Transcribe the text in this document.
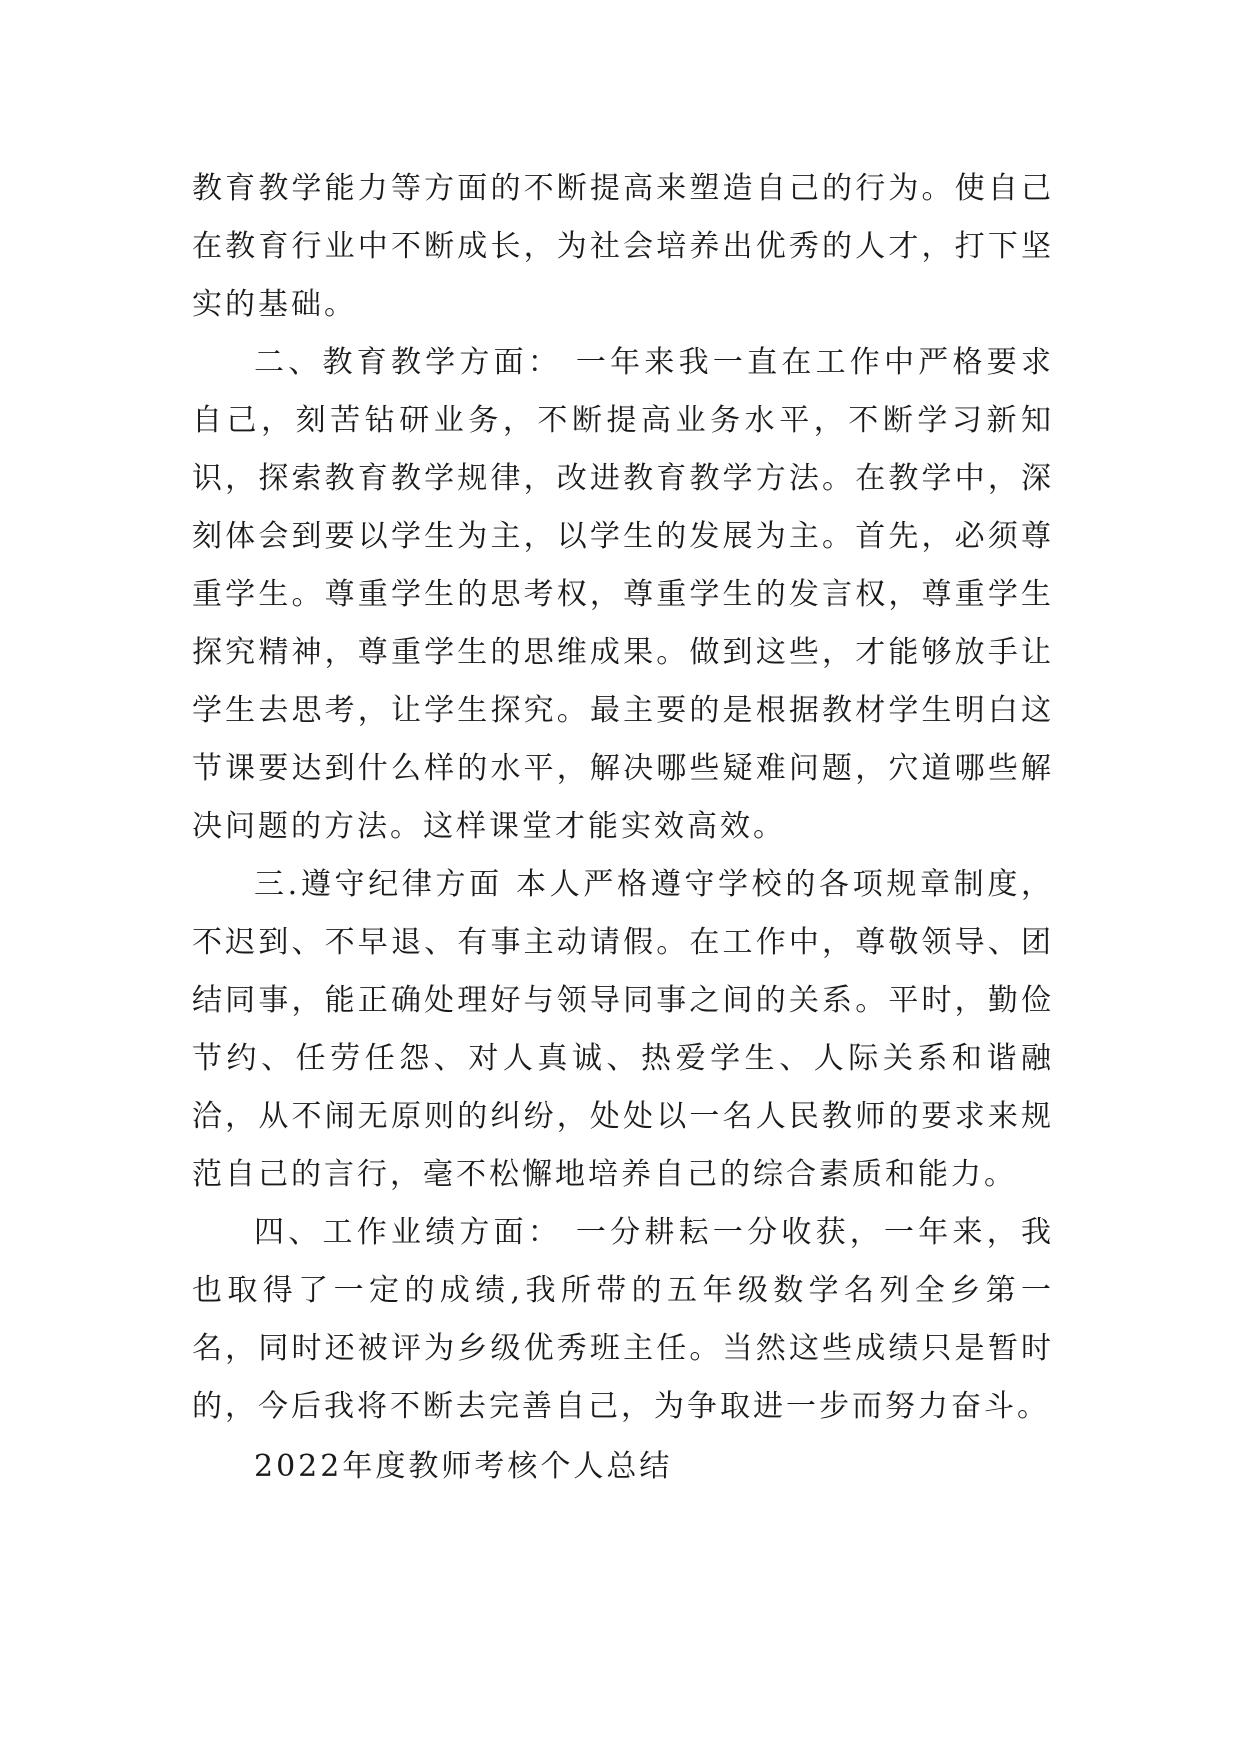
教育教学能力等方面的不断提高来塑造自己的行为。使自己在教育行业中不断成长，为社会培养出优秀的人才，打下坚实的基础。

二、教育教学方面： 一年来我一直在工作中严格要求自己，刻苦钻研业务，不断提高业务水平，不断学习新知识，探索教育教学规律，改进教育教学方法。在教学中，深刻体会到要以学生为主，以学生的发展为主。首先，必须尊重学生。尊重学生的思考权，尊重学生的发言权，尊重学生探究精神，尊重学生的思维成果。做到这些，才能够放手让学生去思考，让学生探究。最主要的是根据教材学生明白这节课要达到什么样的水平，解决哪些疑难问题，穴道哪些解决问题的方法。这样课堂才能实效高效。

三.遵守纪律方面 本人严格遵守学校的各项规章制度，不迟到、不早退、有事主动请假。在工作中，尊敬领导、团结同事，能正确处理好与领导同事之间的关系。平时，勤俭节约、任劳任怨、对人真诚、热爱学生、人际关系和谐融洽，从不闹无原则的纠纷，处处以一名人民教师的要求来规范自己的言行，毫不松懈地培养自己的综合素质和能力。

四、工作业绩方面： 一分耕耘一分收获，一年来，我也取得了一定的成绩,我所带的五年级数学名列全乡第一名，同时还被评为乡级优秀班主任。当然这些成绩只是暂时的，今后我将不断去完善自己，为争取进一步而努力奋斗。

2022年度教师考核个人总结
